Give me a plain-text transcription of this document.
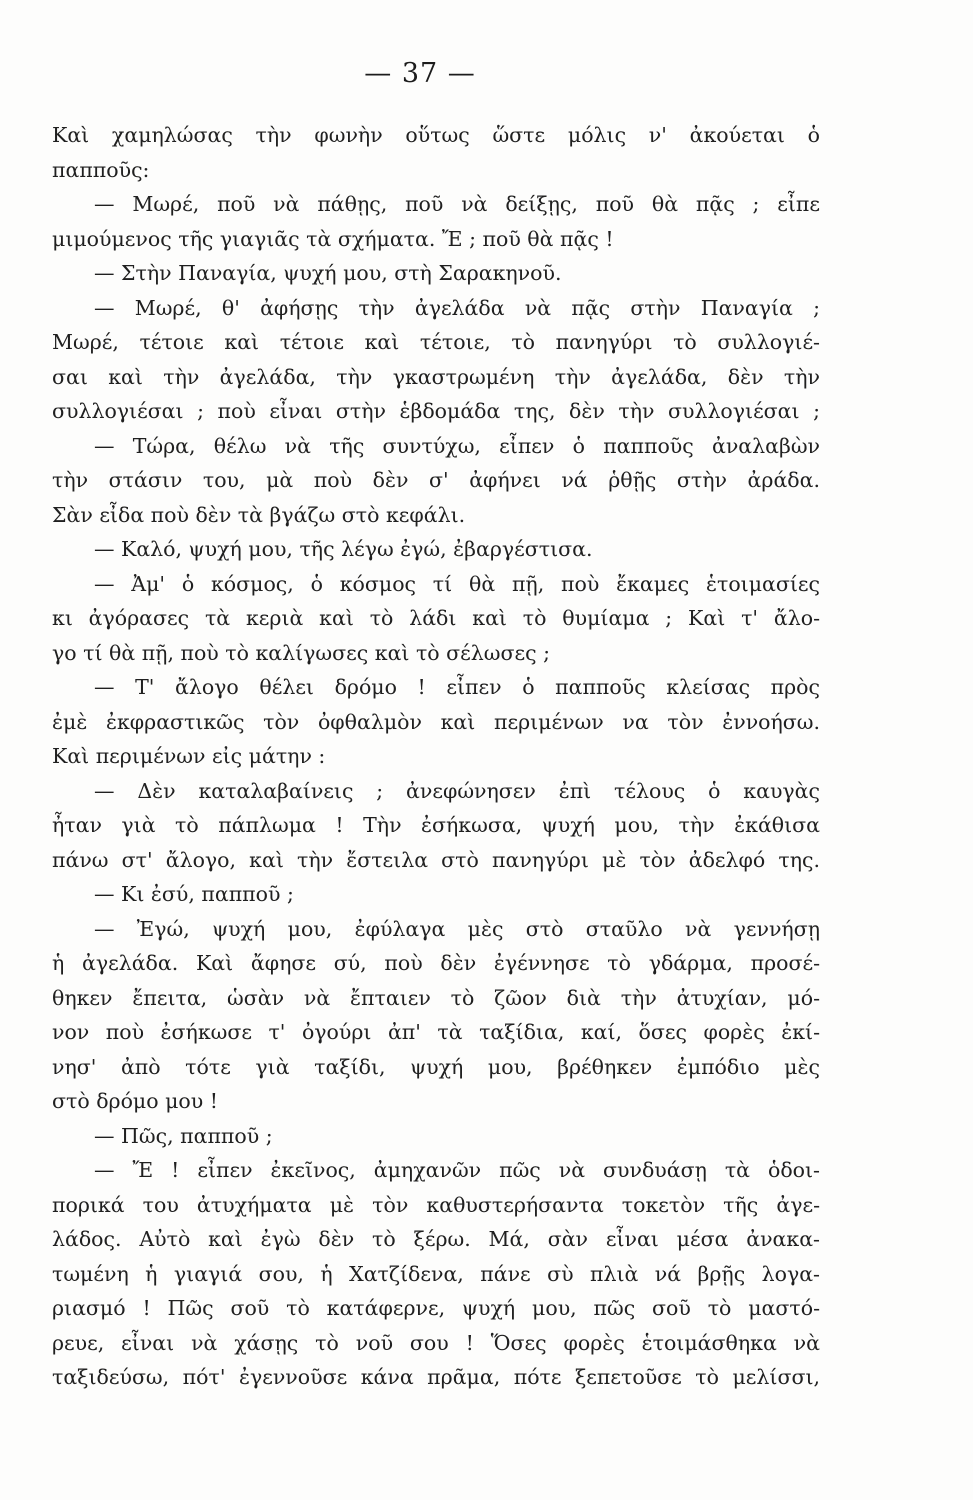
— 37 —
Καὶ χαμηλώσας τὴν φωνὴν οὕτως ὥστε μόλις ν' ἀκούεται ὁ
παπποῦς:
— Μωρέ, ποῦ νὰ πάθῃς, ποῦ νὰ δείξῃς, ποῦ θὰ πᾷς ; εἶπε
μιμούμενος τῆς γιαγιᾶς τὰ σχήματα. Ἔ ; ποῦ θὰ πᾷς !
— Στὴν Παναγία, ψυχή μου, στὴ Σαρακηνοῦ.
— Μωρέ, θ' ἀφήσῃς τὴν ἀγελάδα νὰ πᾷς στὴν Παναγία ;
Μωρέ, τέτοιε καὶ τέτοιε καὶ τέτοιε, τὸ πανηγύρι τὸ συλλογιέ-
σαι καὶ τὴν ἀγελάδα, τὴν γκαστρωμένη τὴν ἀγελάδα, δὲν τὴν
συλλογιέσαι ; ποὺ εἶναι στὴν ἑβδομάδα της, δὲν τὴν συλλογιέσαι ;
— Τώρα, θέλω νὰ τῆς συντύχω, εἶπεν ὁ παπποῦς ἀναλαβὼν
τὴν στάσιν του, μὰ ποὺ δὲν σ' ἀφήνει νά ῥθῇς στὴν ἀράδα.
Σὰν εἶδα ποὺ δὲν τὰ βγάζω στὸ κεφάλι.
— Καλό, ψυχή μου, τῆς λέγω ἐγώ, ἐβαργέστισα.
— Ἀμ' ὁ κόσμος, ὁ κόσμος τί θὰ πῇ, ποὺ ἔκαμες ἑτοιμασίες
κι ἀγόρασες τὰ κεριὰ καὶ τὸ λάδι καὶ τὸ θυμίαμα ; Καὶ τ' ἄλο-
γο τί θὰ πῇ, ποὺ τὸ καλίγωσες καὶ τὸ σέλωσες ;
— Τ' ἄλογο θέλει δρόμο ! εἶπεν ὁ παπποῦς κλείσας πρὸς
ἐμὲ ἐκφραστικῶς τὸν ὀφθαλμὸν καὶ περιμένων να τὸν ἐννοήσω.
Καὶ περιμένων εἰς μάτην :
— Δὲν καταλαβαίνεις ; ἀνεφώνησεν ἐπὶ τέλους ὁ καυγὰς
ἦταν γιὰ τὸ πάπλωμα ! Τὴν ἐσήκωσα, ψυχή μου, τὴν ἐκάθισα
πάνω στ' ἄλογο, καὶ τὴν ἔστειλα στὸ πανηγύρι μὲ τὸν ἀδελφό της.
— Κι ἐσύ, παπποῦ ;
— Ἐγώ, ψυχή μου, ἐφύλαγα μὲς στὸ σταῦλο νὰ γεννήσῃ
ἡ ἀγελάδα. Καὶ ἄφησε σύ, ποὺ δὲν ἐγέννησε τὸ γδάρμα, προσέ-
θηκεν ἔπειτα, ὡσὰν νὰ ἔπταιεν τὸ ζῶον διὰ τὴν ἀτυχίαν, μό-
νον ποὺ ἐσήκωσε τ' ὀγούρι ἀπ' τὰ ταξίδια, καί, ὅσες φορὲς ἐκί-
νησ' ἀπὸ τότε γιὰ ταξίδι, ψυχή μου, βρέθηκεν ἐμπόδιο μὲς
στὸ δρόμο μου !
— Πῶς, παπποῦ ;
— Ἔ ! εἶπεν ἐκεῖνος, ἀμηχανῶν πῶς νὰ συνδυάσῃ τὰ ὁδοι-
πορικά του ἀτυχήματα μὲ τὸν καθυστερήσαντα τοκετὸν τῆς ἀγε-
λάδος. Αὐτὸ καὶ ἐγὼ δὲν τὸ ξέρω. Μά, σὰν εἶναι μέσα ἀνακα-
τωμένη ἡ γιαγιά σου, ἡ Χατζίδενα, πάνε σὺ πλιὰ νά βρῇς λογα-
ριασμό ! Πῶς σοῦ τὸ κατάφερνε, ψυχή μου, πῶς σοῦ τὸ μαστό-
ρευε, εἶναι νὰ χάσῃς τὸ νοῦ σου ! Ὅσες φορὲς ἑτοιμάσθηκα νὰ
ταξιδεύσω, πότ' ἐγεννοῦσε κάνα πρᾶμα, πότε ξεπετοῦσε τὸ μελίσσι,
